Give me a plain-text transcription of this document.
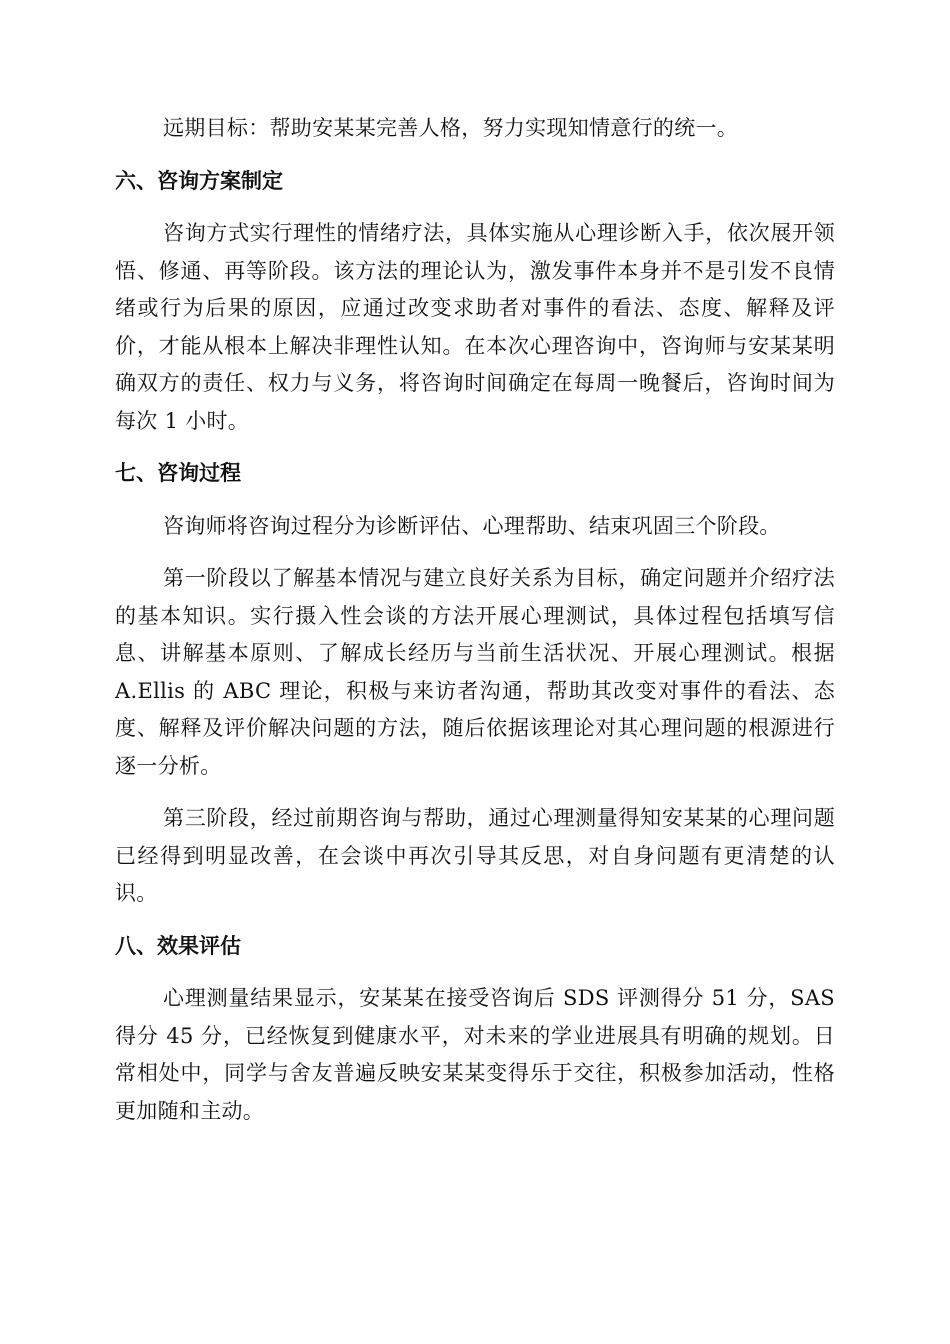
远期目标：帮助安某某完善人格，努力实现知情意行的统一。

六、咨询方案制定

咨询方式实行理性的情绪疗法，具体实施从心理诊断入手，依次展开领悟、修通、再等阶段。该方法的理论认为，激发事件本身并不是引发不良情绪或行为后果的原因，应通过改变求助者对事件的看法、态度、解释及评价，才能从根本上解决非理性认知。在本次心理咨询中，咨询师与安某某明确双方的责任、权力与义务，将咨询时间确定在每周一晚餐后，咨询时间为每次 1 小时。

七、咨询过程

咨询师将咨询过程分为诊断评估、心理帮助、结束巩固三个阶段。

第一阶段以了解基本情况与建立良好关系为目标，确定问题并介绍疗法的基本知识。实行摄入性会谈的方法开展心理测试，具体过程包括填写信息、讲解基本原则、了解成长经历与当前生活状况、开展心理测试。根据 A.Ellis 的 ABC 理论，积极与来访者沟通，帮助其改变对事件的看法、态度、解释及评价解决问题的方法，随后依据该理论对其心理问题的根源进行逐一分析。

第三阶段，经过前期咨询与帮助，通过心理测量得知安某某的心理问题已经得到明显改善，在会谈中再次引导其反思，对自身问题有更清楚的认识。

八、效果评估

心理测量结果显示，安某某在接受咨询后 SDS 评测得分 51 分，SAS 得分 45 分，已经恢复到健康水平，对未来的学业进展具有明确的规划。日常相处中，同学与舍友普遍反映安某某变得乐于交往，积极参加活动，性格更加随和主动。
